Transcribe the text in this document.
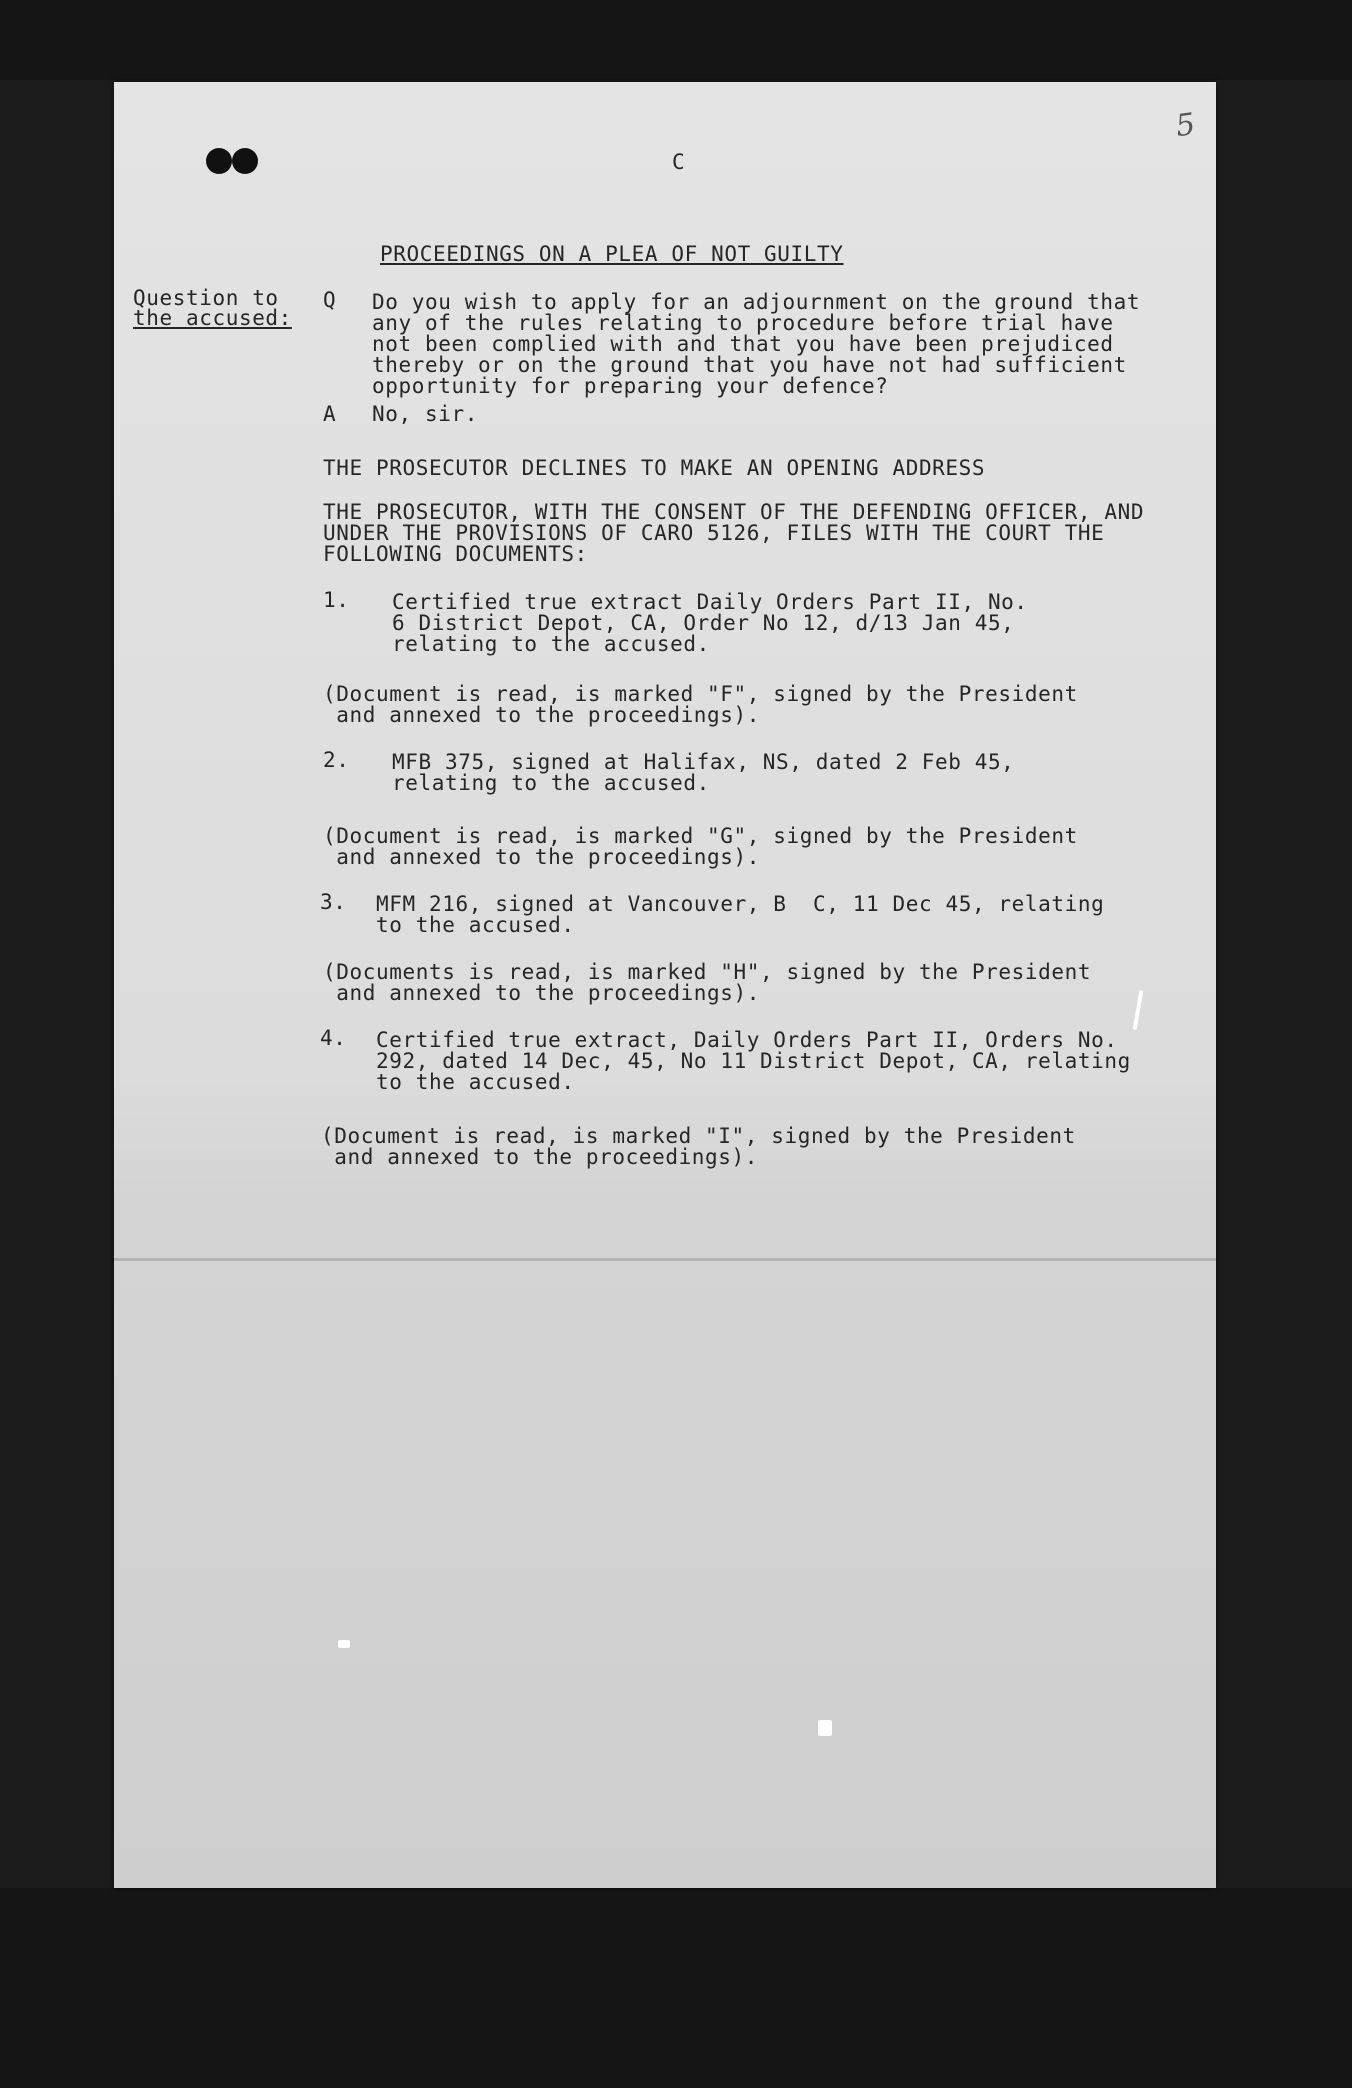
5
C
PROCEEDINGS ON A PLEA OF NOT GUILTY
Question to
the accused:
Q Do you wish to apply for an adjournment on the ground that
any of the rules relating to procedure before trial have
not been complied with and that you have been prejudiced
thereby or on the ground that you have not had sufficient
opportunity for preparing your defence?
A No, sir.
THE PROSECUTOR DECLINES TO MAKE AN OPENING ADDRESS
THE PROSECUTOR, WITH THE CONSENT OF THE DEFENDING OFFICER, AND
UNDER THE PROVISIONS OF CARO 5126, FILES WITH THE COURT THE
FOLLOWING DOCUMENTS:
1. Certified true extract Daily Orders Part II, No.
6 District Depot, CA, Order No 12, d/13 Jan 45,
relating to the accused.
(Document is read, is marked "F", signed by the President
and annexed to the proceedings).
2. MFB 375, signed at Halifax, NS, dated 2 Feb 45,
relating to the accused.
(Document is read, is marked "G", signed by the President
and annexed to the proceedings).
3. MFM 216, signed at Vancouver, B  C, 11 Dec 45, relating
to the accused.
(Documents is read, is marked "H", signed by the President
and annexed to the proceedings).
4. Certified true extract, Daily Orders Part II, Orders No.
292, dated 14 Dec, 45, No 11 District Depot, CA, relating
to the accused.
(Document is read, is marked "I", signed by the President
and annexed to the proceedings).
